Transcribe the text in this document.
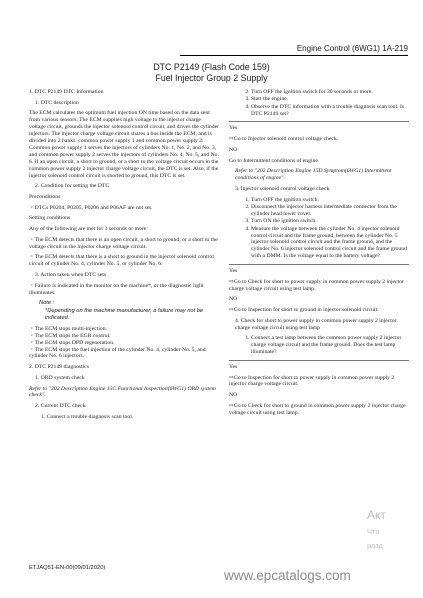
Engine Control (6WG1) 1A-219
DTC P2149 (Flash Code 159)
Fuel Injector Group 2 Supply

1. DTC P2149 DTC Information

1. DTC description

The ECM calculates the optimum fuel injection ON time based on the data sent from various sensors. The ECM supplies high voltage to the injector charge voltage circuit, grounds the injector solenoid control circuit, and drives the cylinder injectors. The injector charge voltage circuit shares a bus inside the ECM, and is divided into 2 banks: common power supply 1 and common power supply 2. Common power supply 1 serves the injectors of cylinders No. 1, No. 2, and No. 3, and common power supply 2 serves the injectors of cylinders No. 4, No. 5, and No. 6. If an open circuit, a short to ground, or a short to the voltage circuit occurs in the common power supply 2 injector charge voltage circuit, the DTC is set. Also, if the injector solenoid control circuit is shorted to ground, this DTC is set.

2. Condition for setting the DTC

Preconditions

・DTCs P0204, P0205, P0206 and P06AF are not set.

Setting conditions

Any of the following are met for 3 seconds or more:

・The ECM detects that there is an open circuit, a short to ground, or a short to the voltage circuit in the injector charge voltage circuit.

・The ECM detects that there is a short to ground in the injector solenoid control circuit of cylinder No. 4, cylinder No. 5, or cylinder No. 6.

3. Action taken when DTC sets

・Failure is indicated in the monitor on the machine*, or the diagnostic light illuminates.

Note :

*Depending on the machine manufacturer, a failure may not be indicated.

・The ECM stops multi-injection.

・The ECM stops the EGR control.

・The ECM stops DPD regeneration.

・The ECM stops the fuel injection of the cylinder No. 4, cylinder No. 5, and cylinder No. 6 injectors.

2. DTC P2149 diagnostics

1. OBD system check

Refer to "202.Description Engine 15C.Functional Inspection(6WG1) OBD system check".

2. Current DTC check

1. Connect a trouble diagnosis scan tool.

2. Turn OFF the ignition switch for 30 seconds or more.
3. Start the engine.
4. Observe the DTC information with a trouble diagnosis scan tool. Is DTC P2149 set?

Yes

⇨Go to Injector solenoid control voltage check.

NO

Go to Intermittent conditions of engine.

Refer to "202.Description Engine 15D.Symptom(6WG1) Intermittent conditions of engine".

3. Injector solenoid control voltage check

1. Turn OFF the ignition switch.
2. Disconnect the injector harness intermediate connector from the cylinder head lower cover.
3. Turn ON the ignition switch.
4. Measure the voltage between the cylinder No. 4 injector solenoid control circuit and the frame ground, between the cylinder No. 5 injector solenoid control circuit and the frame ground, and the cylinder No. 6 injector solenoid control circuit and the frame ground with a DMM. Is the voltage equal to the battery voltage?

Yes

⇨Go to Check for short to power supply in common power supply 2 injector charge voltage circuit using test lamp.

NO

⇨Go to Inspection for short to ground in injector solenoid circuit.

4. Check for short to power supply in common power supply 2 injector charge voltage circuit using test lamp

1. Connect a test lamp between the common power supply 2 injector charge voltage circuit and the frame ground. Does the test lamp illuminate?

Yes

⇨Go to Inspection for short to power supply in common power supply 2 injector charge voltage circuit.

NO

⇨Go to Check for short to ground in common power supply 2 injector charge voltage circuit using test lamp.

ETJAQ51-EN-00(09/01/2020)	www.epcatalogs.com
Акт
Что
разд
